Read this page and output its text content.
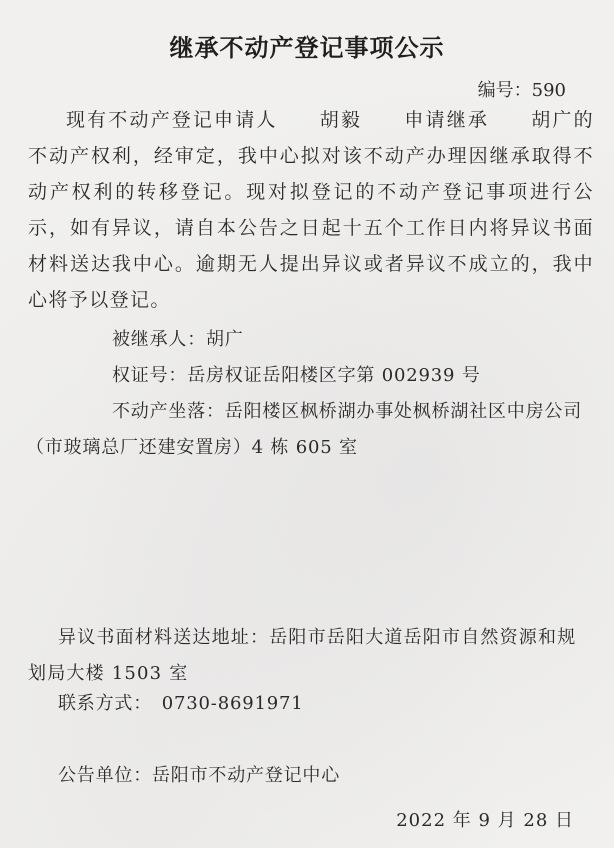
继承不动产登记事项公示
编号：590

现有不动产登记申请人　　胡毅　　申请继承　　胡广的不动产权利，经审定，我中心拟对该不动产办理因继承取得不动产权利的转移登记。现对拟登记的不动产登记事项进行公示，如有异议，请自本公告之日起十五个工作日内将异议书面材料送达我中心。逾期无人提出异议或者异议不成立的，我中心将予以登记。

被继承人：胡广
权证号：岳房权证岳阳楼区字第 002939 号

不动产坐落：岳阳楼区枫桥湖办事处枫桥湖社区中房公司（市玻璃总厂还建安置房）4 栋 605 室

异议书面材料送达地址：岳阳市岳阳大道岳阳市自然资源和规划局大楼 1503 室

联系方式：　0730-8691971
公告单位：岳阳市不动产登记中心
2022 年 9 月 28 日
